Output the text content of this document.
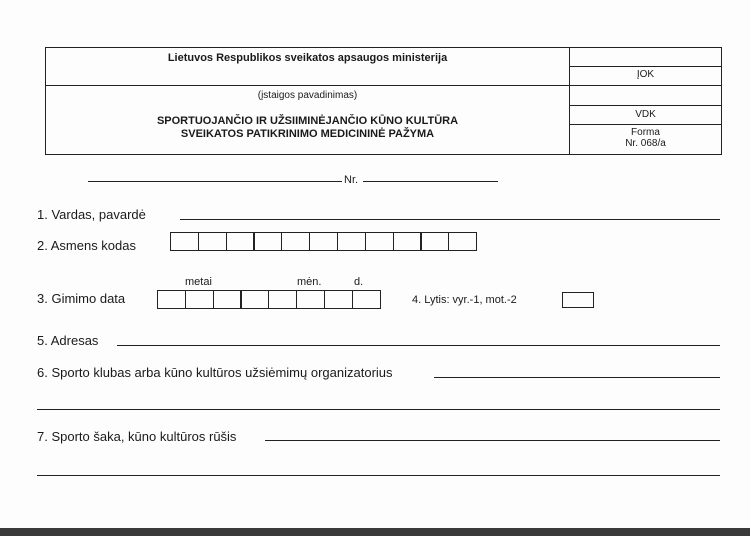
Lietuvos Respublikos sveikatos apsaugos ministerija
(įstaigos pavadinimas)
SPORTUOJANČIO IR UŽSIIMINĖJANČIO KŪNO KULTŪRA
SVEIKATOS PATIKRINIMO MEDICININĖ PAŽYMA
ĮOK
VDK
Forma
Nr. 068/a
Nr.
1. Vardas, pavardė
2. Asmens kodas
metai	mėn.	d.
3. Gimimo data	4. Lytis: vyr.-1, mot.-2
5. Adresas
6. Sporto klubas arba kūno kultūros užsiėmimų organizatorius
7. Sporto šaka, kūno kultūros rūšis
